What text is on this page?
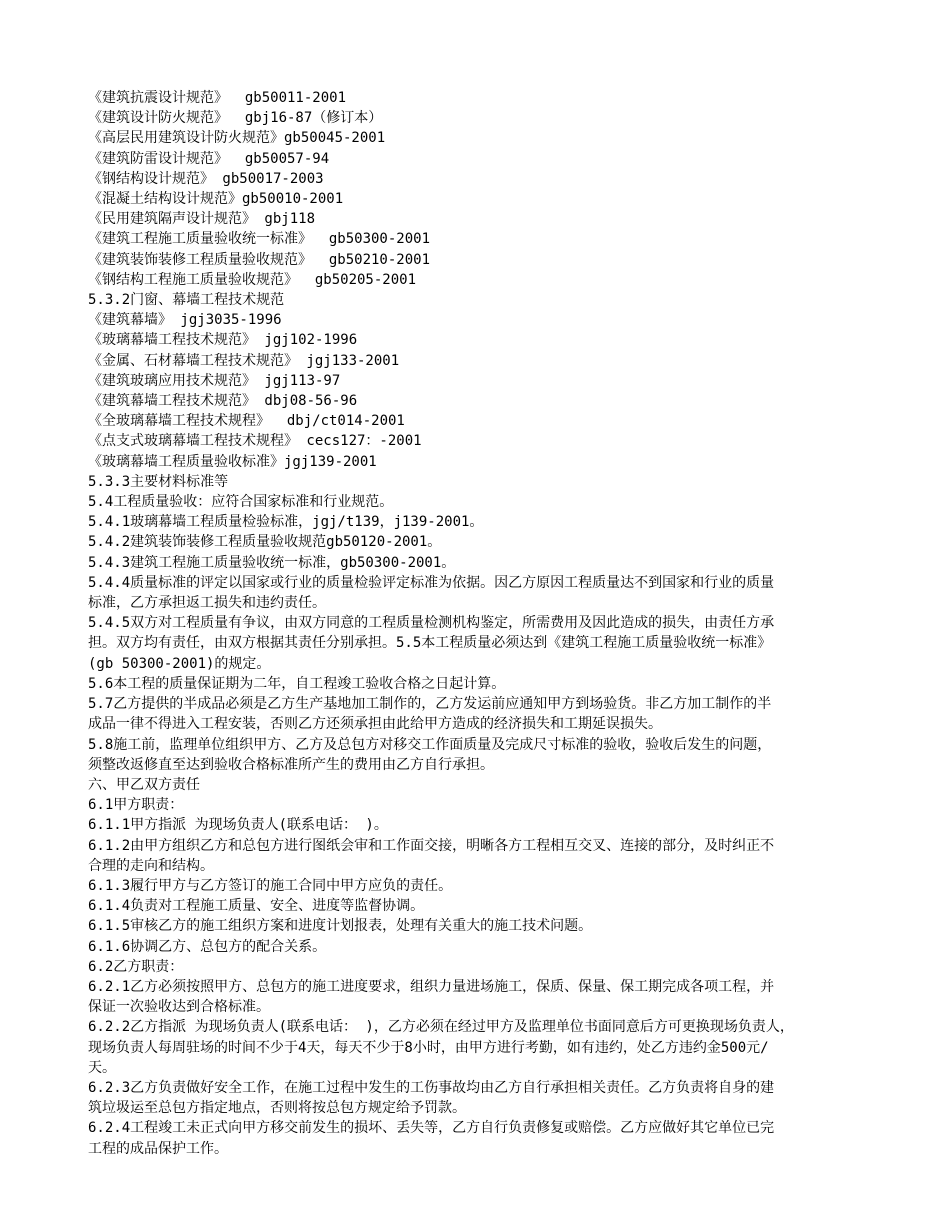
《建筑抗震设计规范》  gb50011-2001

《建筑设计防火规范》  gbj16-87（修订本）

《高层民用建筑设计防火规范》gb50045-2001

《建筑防雷设计规范》  gb50057-94

《钢结构设计规范》 gb50017-2003

《混凝土结构设计规范》gb50010-2001

《民用建筑隔声设计规范》 gbj118

《建筑工程施工质量验收统一标准》  gb50300-2001

《建筑装饰装修工程质量验收规范》  gb50210-2001

《钢结构工程施工质量验收规范》  gb50205-2001

5.3.2门窗、幕墙工程技术规范

《建筑幕墙》 jgj3035-1996

《玻璃幕墙工程技术规范》 jgj102-1996

《金属、石材幕墙工程技术规范》 jgj133-2001

《建筑玻璃应用技术规范》 jgj113-97

《建筑幕墙工程技术规范》 dbj08-56-96

《全玻璃幕墙工程技术规程》  dbj/ct014-2001

《点支式玻璃幕墙工程技术规程》 cecs127：-2001

《玻璃幕墙工程质量验收标准》jgj139-2001

5.3.3主要材料标准等

5.4工程质量验收：应符合国家标准和行业规范。

5.4.1玻璃幕墙工程质量检验标准，jgj/t139，j139-2001。

5.4.2建筑装饰装修工程质量验收规范gb50120-2001。

5.4.3建筑工程施工质量验收统一标准，gb50300-2001。

5.4.4质量标准的评定以国家或行业的质量检验评定标准为依据。因乙方原因工程质量达不到国家和行业的质量

标准，乙方承担返工损失和违约责任。

5.4.5双方对工程质量有争议，由双方同意的工程质量检测机构鉴定，所需费用及因此造成的损失，由责任方承

担。双方均有责任，由双方根据其责任分别承担。5.5本工程质量必须达到《建筑工程施工质量验收统一标准》

(gb 50300-2001)的规定。

5.6本工程的质量保证期为二年，自工程竣工验收合格之日起计算。

5.7乙方提供的半成品必须是乙方生产基地加工制作的，乙方发运前应通知甲方到场验货。非乙方加工制作的半

成品一律不得进入工程安装，否则乙方还须承担由此给甲方造成的经济损失和工期延误损失。

5.8施工前，监理单位组织甲方、乙方及总包方对移交工作面质量及完成尺寸标准的验收，验收后发生的问题，

须整改返修直至达到验收合格标准所产生的费用由乙方自行承担。

六、甲乙双方责任

6.1甲方职责：

6.1.1甲方指派 为现场负责人(联系电话： )。

6.1.2由甲方组织乙方和总包方进行图纸会审和工作面交接，明晰各方工程相互交叉、连接的部分，及时纠正不

合理的走向和结构。

6.1.3履行甲方与乙方签订的施工合同中甲方应负的责任。

6.1.4负责对工程施工质量、安全、进度等监督协调。

6.1.5审核乙方的施工组织方案和进度计划报表，处理有关重大的施工技术问题。

6.1.6协调乙方、总包方的配合关系。

6.2乙方职责：

6.2.1乙方必须按照甲方、总包方的施工进度要求，组织力量进场施工，保质、保量、保工期完成各项工程，并

保证一次验收达到合格标准。

6.2.2乙方指派 为现场负责人(联系电话： )，乙方必须在经过甲方及监理单位书面同意后方可更换现场负责人，

现场负责人每周驻场的时间不少于4天，每天不少于8小时，由甲方进行考勤，如有违约，处乙方违约金500元/

天。

6.2.3乙方负责做好安全工作，在施工过程中发生的工伤事故均由乙方自行承担相关责任。乙方负责将自身的建

筑垃圾运至总包方指定地点，否则将按总包方规定给予罚款。

6.2.4工程竣工未正式向甲方移交前发生的损坏、丢失等，乙方自行负责修复或赔偿。乙方应做好其它单位已完

工程的成品保护工作。
